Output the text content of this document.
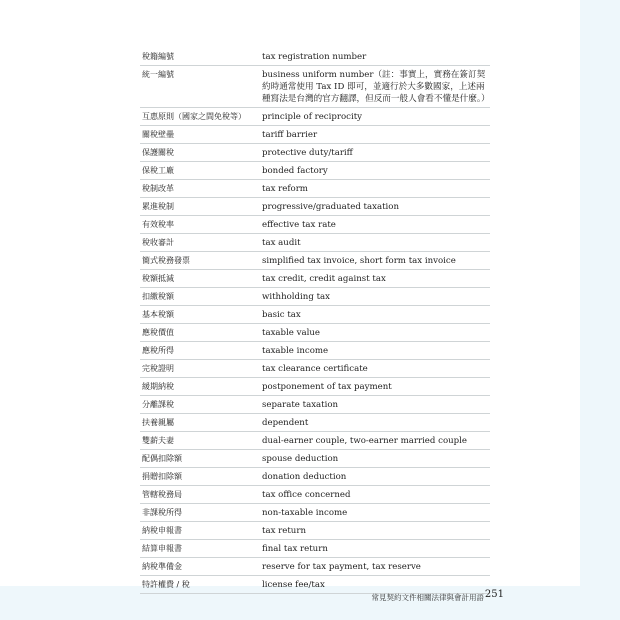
稅籍編號	tax registration number
統一編號	business uniform number（註：事實上，實務在簽訂契約時通常使用 Tax ID 即可，並適行於大多數國家，上述兩種寫法是台灣的官方翻譯，但反而一般人會看不懂是什麼。）
互惠原則（國家之間免稅等）	principle of reciprocity
關稅壁壘	tariff barrier
保護關稅	protective duty/tariff
保稅工廠	bonded factory
稅制改革	tax reform
累進稅制	progressive/graduated taxation
有效稅率	effective tax rate
稅收審計	tax audit
簡式稅務發票	simplified tax invoice, short form tax invoice
稅額抵減	tax credit, credit against tax
扣繳稅額	withholding tax
基本稅額	basic tax
應稅價值	taxable value
應稅所得	taxable income
完稅證明	tax clearance certificate
緩期納稅	postponement of tax payment
分離課稅	separate taxation
扶養親屬	dependent
雙薪夫妻	dual-earner couple, two-earner married couple
配偶扣除額	spouse deduction
捐贈扣除額	donation deduction
管轄稅務局	tax office concerned
非課稅所得	non-taxable income
納稅申報書	tax return
結算申報書	final tax return
納稅準備金	reserve for tax payment, tax reserve
特許權費 / 稅	license fee/tax
常見契約文件相關法律與會計用語 251
